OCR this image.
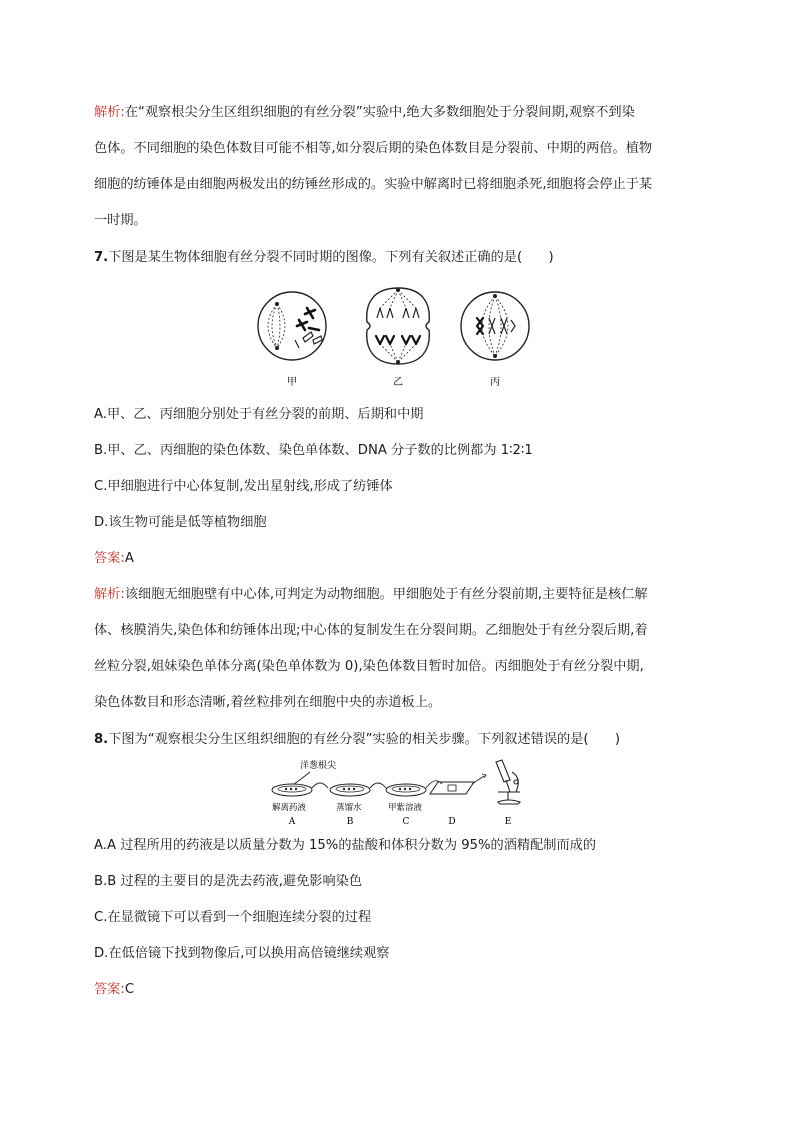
解析:在“观察根尖分生区组织细胞的有丝分裂”实验中,绝大多数细胞处于分裂间期,观察不到染
色体。不同细胞的染色体数目可能不相等,如分裂后期的染色体数目是分裂前、中期的两倍。植物
细胞的纺锤体是由细胞两极发出的纺锤丝形成的。实验中解离时已将细胞杀死,细胞将会停止于某
一时期。
7.下图是某生物体细胞有丝分裂不同时期的图像。下列有关叙述正确的是(　　)
甲	乙	丙
A.甲、乙、丙细胞分别处于有丝分裂的前期、后期和中期
B.甲、乙、丙细胞的染色体数、染色单体数、DNA 分子数的比例都为 1∶2∶1
C.甲细胞进行中心体复制,发出星射线,形成了纺锤体
D.该生物可能是低等植物细胞
答案:A
解析:该细胞无细胞壁有中心体,可判定为动物细胞。甲细胞处于有丝分裂前期,主要特征是核仁解
体、核膜消失,染色体和纺锤体出现;中心体的复制发生在分裂间期。乙细胞处于有丝分裂后期,着
丝粒分裂,姐妹染色单体分离(染色单体数为 0),染色体数目暂时加倍。丙细胞处于有丝分裂中期,
染色体数目和形态清晰,着丝粒排列在细胞中央的赤道板上。
8.下图为“观察根尖分生区组织细胞的有丝分裂”实验的相关步骤。下列叙述错误的是(　　)
洋葱根尖
解离药液	蒸馏水	甲紫溶液
A	B	C	D	E
A.A 过程所用的药液是以质量分数为 15%的盐酸和体积分数为 95%的酒精配制而成的
B.B 过程的主要目的是洗去药液,避免影响染色
C.在显微镜下可以看到一个细胞连续分裂的过程
D.在低倍镜下找到物像后,可以换用高倍镜继续观察
答案:C
